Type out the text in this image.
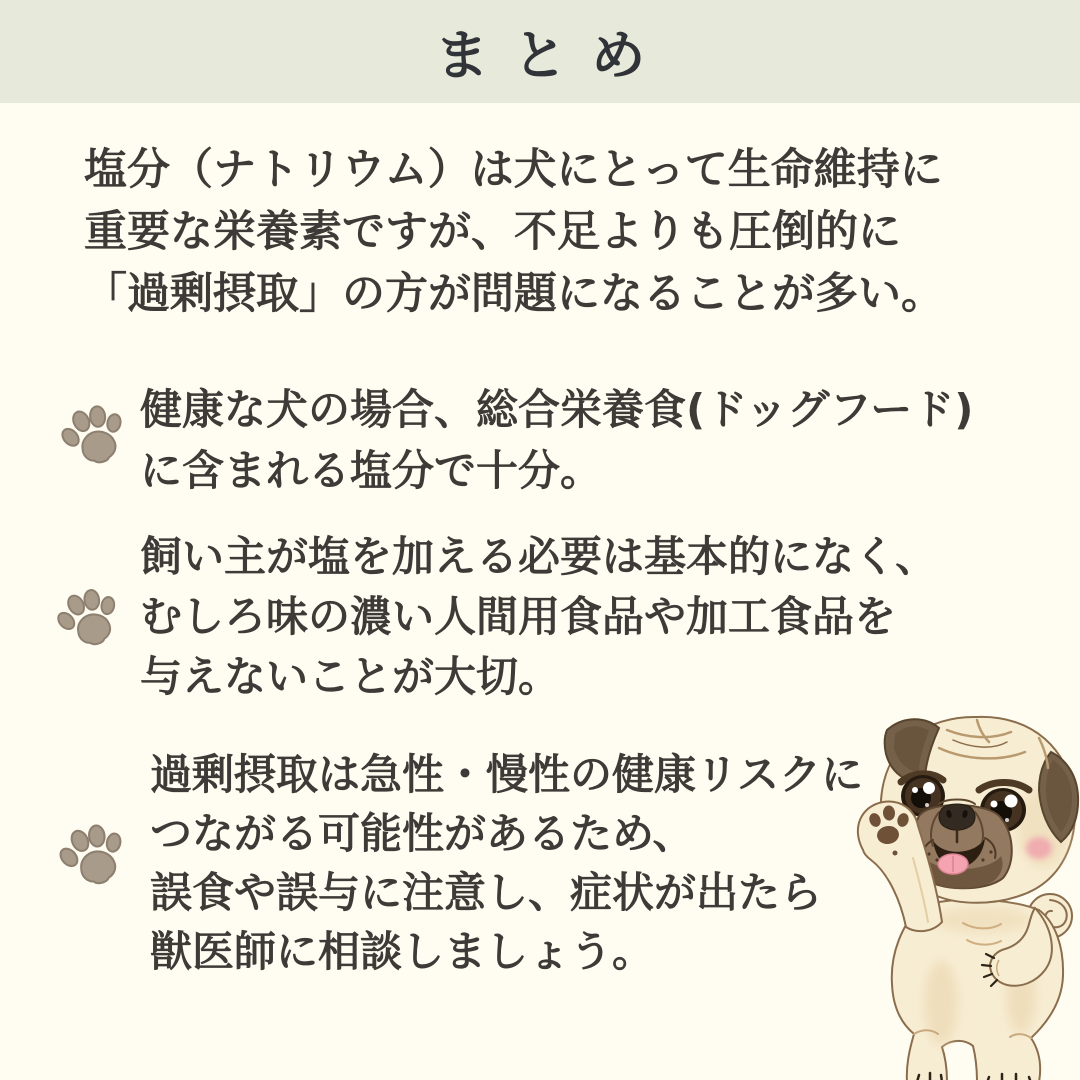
まとめ
塩分（ナトリウム）は犬にとって生命維持に
重要な栄養素ですが、不足よりも圧倒的に
「過剰摂取」の方が問題になることが多い。
健康な犬の場合、総合栄養食(ドッグフード)
に含まれる塩分で十分。
飼い主が塩を加える必要は基本的になく、
むしろ味の濃い人間用食品や加工食品を
与えないことが大切。
過剰摂取は急性・慢性の健康リスクに
つながる可能性があるため、
誤食や誤与に注意し、症状が出たら
獣医師に相談しましょう。
